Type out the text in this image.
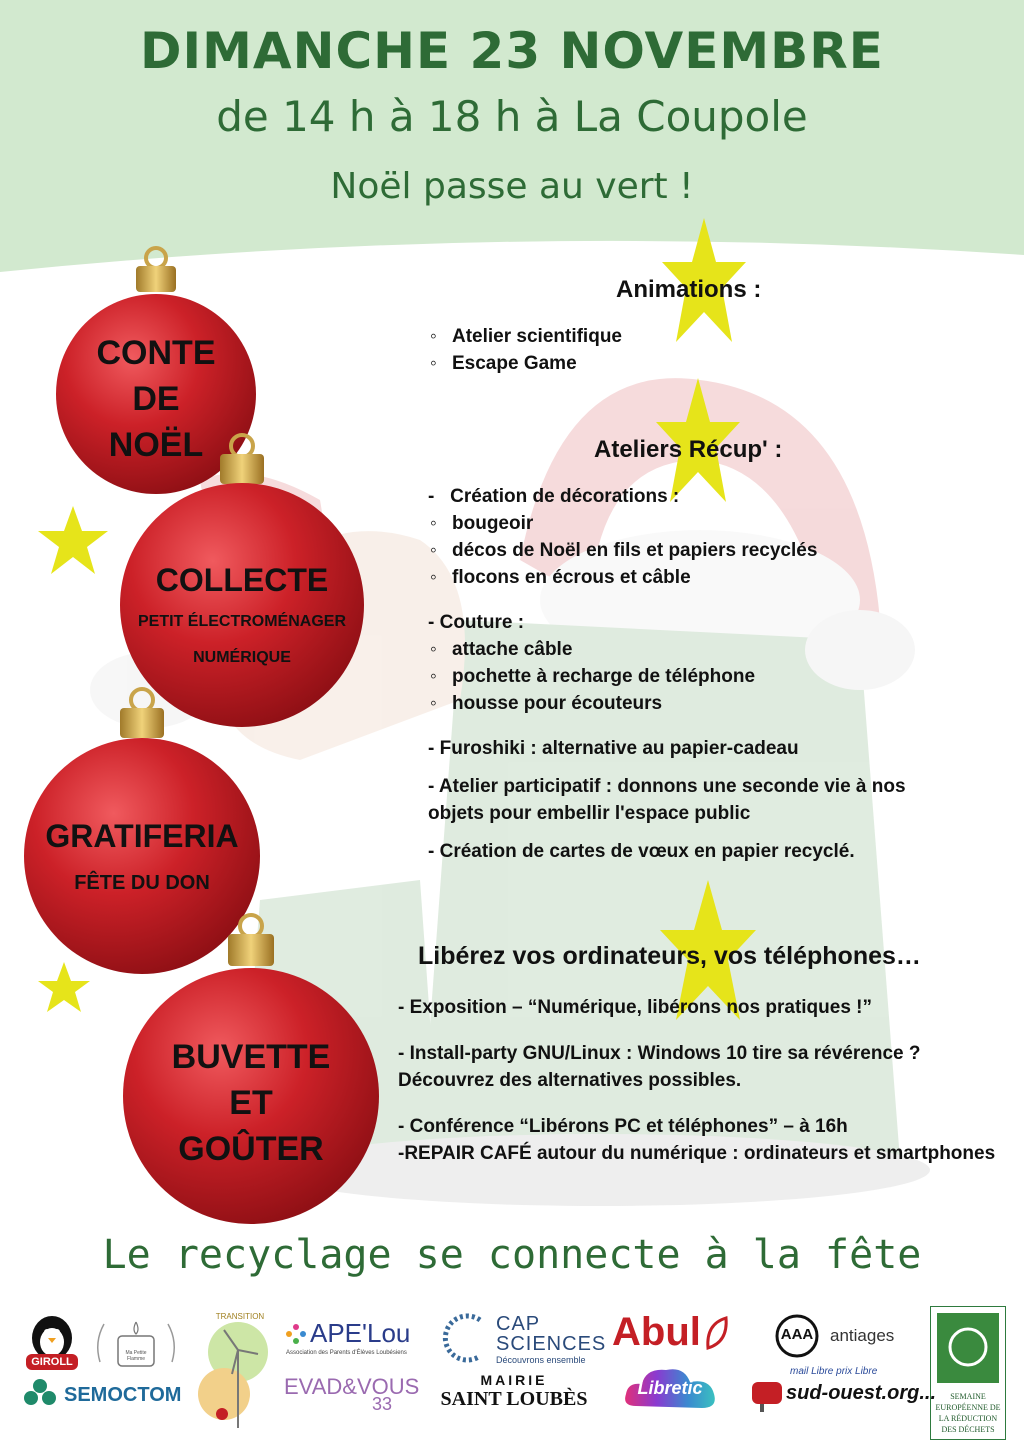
DIMANCHE 23 NOVEMBRE
de 14 h à 18 h à La Coupole
Noël passe au vert !
CONTE
DE
NOËL
COLLECTE
PETIT ÉLECTROMÉNAGER
NUMÉRIQUE
GRATIFERIA
FÊTE DU DON
BUVETTE
ET
GOÛTER
Animations :
◦ Atelier scientifique
◦ Escape Game
Ateliers Récup' :
-   Création de décorations :
◦ bougeoir
◦ décos de Noël en fils et papiers recyclés
◦ flocons en écrous et câble
- Couture :
◦ attache câble
◦ pochette à recharge de téléphone
◦ housse pour écouteurs
- Furoshiki : alternative au papier-cadeau
- Atelier participatif : donnons une seconde vie à nos
objets pour embellir l'espace public
- Création de cartes de vœux en papier recyclé.
Libérez vos ordinateurs, vos téléphones…
- Exposition – “Numérique, libérons nos pratiques !”
- Install-party GNU/Linux : Windows 10 tire sa révérence ?
Découvrez des alternatives possibles.
- Conférence “Libérons PC et téléphones” – à 16h
-REPAIR CAFÉ autour du numérique : ordinateurs et smartphones
Le recyclage se connecte à la fête
GIROLL
Ma Petite Flamme
TRANSITION
APE'Lou
Association des Parents d'Élèves Loubésiens
CAP
SCIENCES
Découvrons ensemble
Abul	AAA antiages
SEMAINE EUROPÉENNE DE LA RÉDUCTION DES DÉCHETS
SEMOCTOM	EVAD&VOUS
33
MAIRIE
SAINT LOUBÈS	Libretic
mail Libre prix Libre
sud-ouest.org...
